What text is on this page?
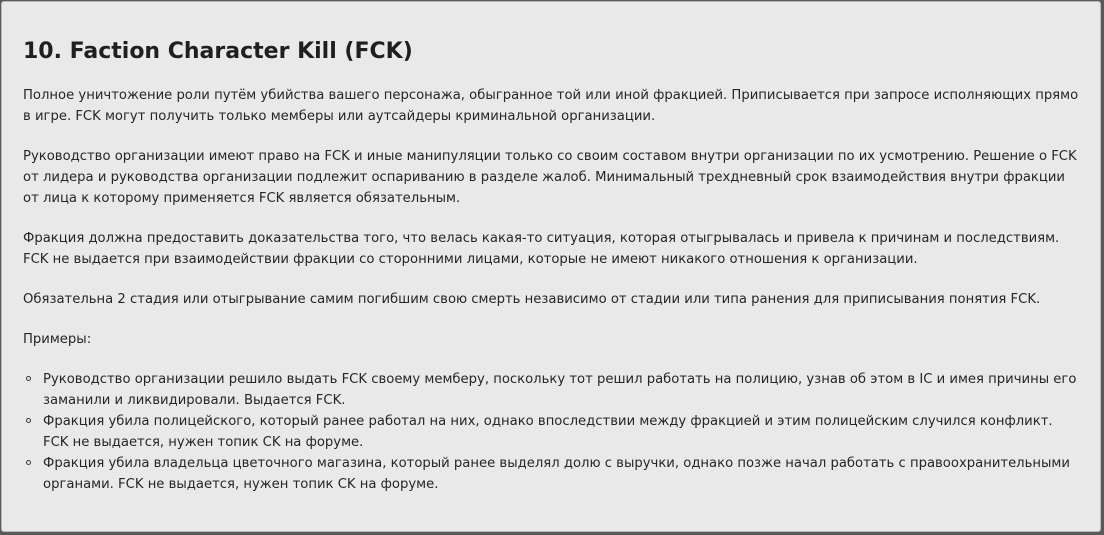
10. Faction Character Kill (FCK)

Полное уничтожение роли путём убийства вашего персонажа, обыгранное той или иной фракцией. Приписывается при запросе исполняющих прямо в игре. FCK могут получить только мемберы или аутсайдеры криминальной организации.

Руководство организации имеют право на FCK и иные манипуляции только со своим составом внутри организации по их усмотрению. Решение о FCK от лидера и руководства организации подлежит оспариванию в разделе жалоб. Минимальный трехдневный срок взаимодействия внутри фракции от лица к которому применяется FCK является обязательным.

Фракция должна предоставить доказательства того, что велась какая-то ситуация, которая отыгрывалась и привела к причинам и последствиям. FCK не выдается при взаимодействии фракции со сторонними лицами, которые не имеют никакого отношения к организации.

Обязательна 2 стадия или отыгрывание самим погибшим свою смерть независимо от стадии или типа ранения для приписывания понятия FCK.

Примеры:

Руководство организации решило выдать FCK своему мемберу, поскольку тот решил работать на полицию, узнав об этом в IC и имея причины его заманили и ликвидировали. Выдается FCK.
Фракция убила полицейского, который ранее работал на них, однако впоследствии между фракцией и этим полицейским случился конфликт. FCK не выдается, нужен топик CK на форуме.
Фракция убила владельца цветочного магазина, который ранее выделял долю с выручки, однако позже начал работать с правоохранительными органами. FCK не выдается, нужен топик CK на форуме.
